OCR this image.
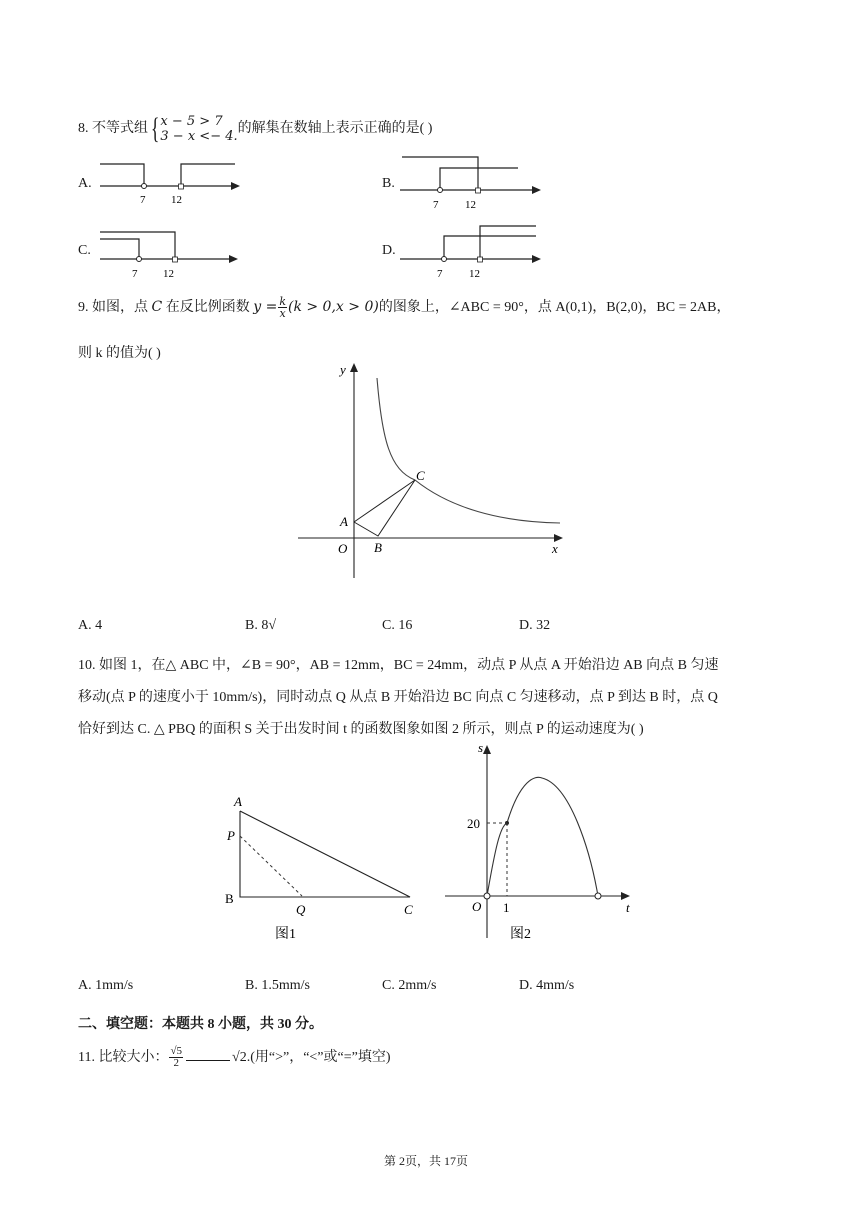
8. 不等式组{ x − 5 > 7
3 − x <− 4.
的解集在数轴上表示正确的是( )
A.
7 12
B.
7 12
C.
7 12
D.
7 12
9. 如图，点 C 在反比例函数 $y = \frac{k}{x} (k > 0,x > 0)$的图象上，∠ABC = 90°，点 A(0,1)，B(2,0)，BC = 2AB，
则 k 的值为( )
y
x
O
A
B
C
A. 4	B. 8√	C. 16	D. 32
10. 如图 1，在△ ABC 中，∠B = 90°，AB = 12mm，BC = 24mm，动点 P 从点 A 开始沿边 AB 向点 B 匀速
移动(点 P 的速度小于 10mm/s)，同时动点 Q 从点 B 开始沿边 BC 向点 C 匀速移动，点 P 到达 B 时，点 Q
恰好到达 C. △ PBQ 的面积 S 关于出发时间 t 的函数图象如图 2 所示，则点 P 的运动速度为( )
A
P
B
Q	C
图1
s
t
O
20
1
图2
A. 1mm/s	B. 1.5mm/s	C. 2mm/s	D. 4mm/s
二、填空题：本题共 8 小题，共 30 分。
11. 比较大小： $\frac{√5}{2}$	√2.(用“>”，“<”或“=”填空)
第 2页，共 17页
